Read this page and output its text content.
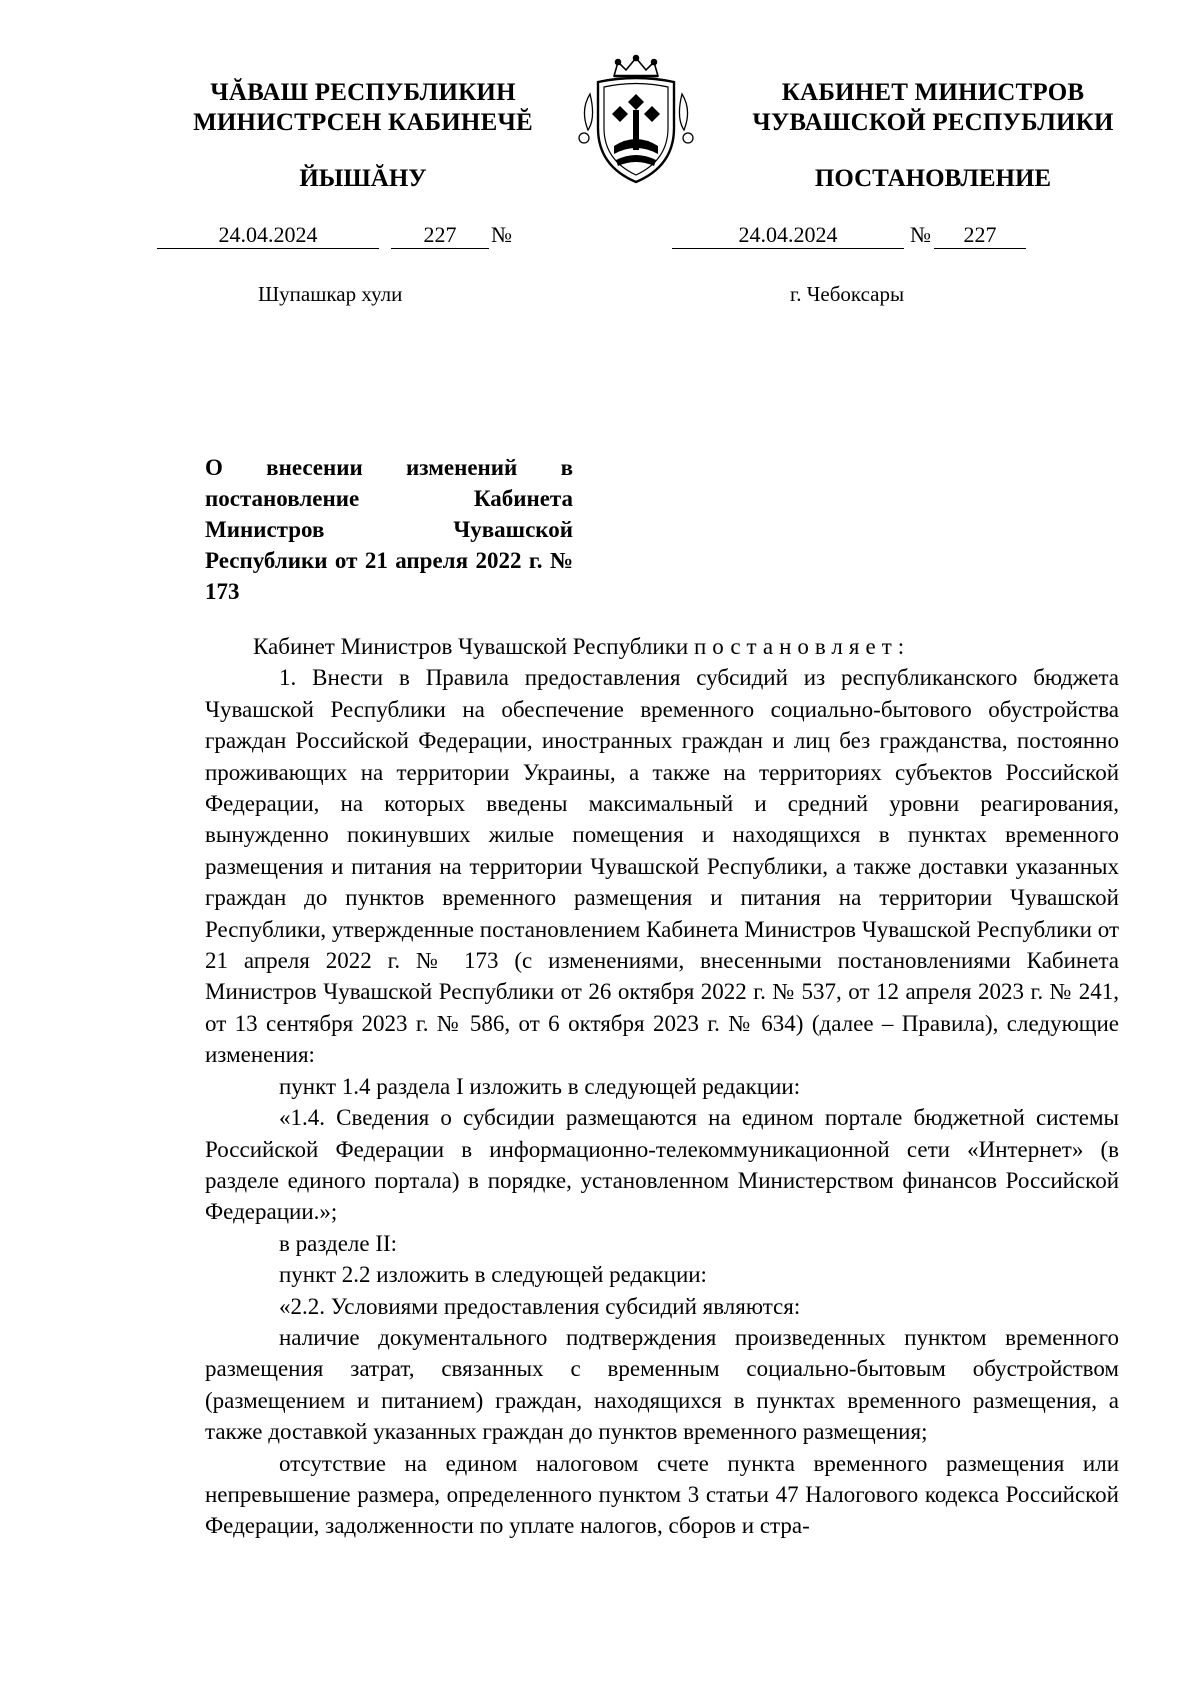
ЧĂВАШ РЕСПУБЛИКИН
МИНИСТРСЕН КАБИНЕЧĔ
ЙЫШĂНУ
КАБИНЕТ МИНИСТРОВ
ЧУВАШСКОЙ РЕСПУБЛИКИ
ПОСТАНОВЛЕНИЕ
24.04.2024	227	№	24.04.2024	№	227
Шупашкар хули	г. Чебоксары
О внесении изменений в постановление Кабинета Министров Чувашской Республики от 21 апреля 2022 г. № 173

Кабинет Министров Чувашской Республики постановляет:

1. Внести в Правила предоставления субсидий из республиканского бюджета Чувашской Республики на обеспечение временного социально-бытового обустройства граждан Российской Федерации, иностранных граждан и лиц без гражданства, постоянно проживающих на территории Украины, а также на территориях субъектов Российской Федерации, на которых введены максимальный и средний уровни реагирования, вынужденно покинувших жилые помещения и находящихся в пунктах временного размещения и питания на территории Чувашской Республики, а также доставки указанных граждан до пунктов временного размещения и питания на территории Чувашской Республики, утвержденные постановлением Кабинета Министров Чувашской Республики от 21 апреля 2022 г. № 173 (с изменениями, внесенными постановлениями Кабинета Министров Чувашской Республики от 26 октября 2022 г. № 537, от 12 апреля 2023 г. № 241, от 13 сентября 2023 г. № 586, от 6 октября 2023 г. № 634) (далее – Правила), следующие изменения:

пункт 1.4 раздела I изложить в следующей редакции:

«1.4. Сведения о субсидии размещаются на едином портале бюджетной системы Российской Федерации в информационно-телекоммуникационной сети «Интернет» (в разделе единого портала) в порядке, установленном Министерством финансов Российской Федерации.»;

в разделе II:

пункт 2.2 изложить в следующей редакции:

«2.2. Условиями предоставления субсидий являются:

наличие документального подтверждения произведенных пунктом временного размещения затрат, связанных с временным социально-бытовым обустройством (размещением и питанием) граждан, находящихся в пунктах временного размещения, а также доставкой указанных граждан до пунктов временного размещения;

отсутствие на едином налоговом счете пункта временного размещения или непревышение размера, определенного пунктом 3 статьи 47 Налогового кодекса Российской Федерации, задолженности по уплате налогов, сборов и стра-
